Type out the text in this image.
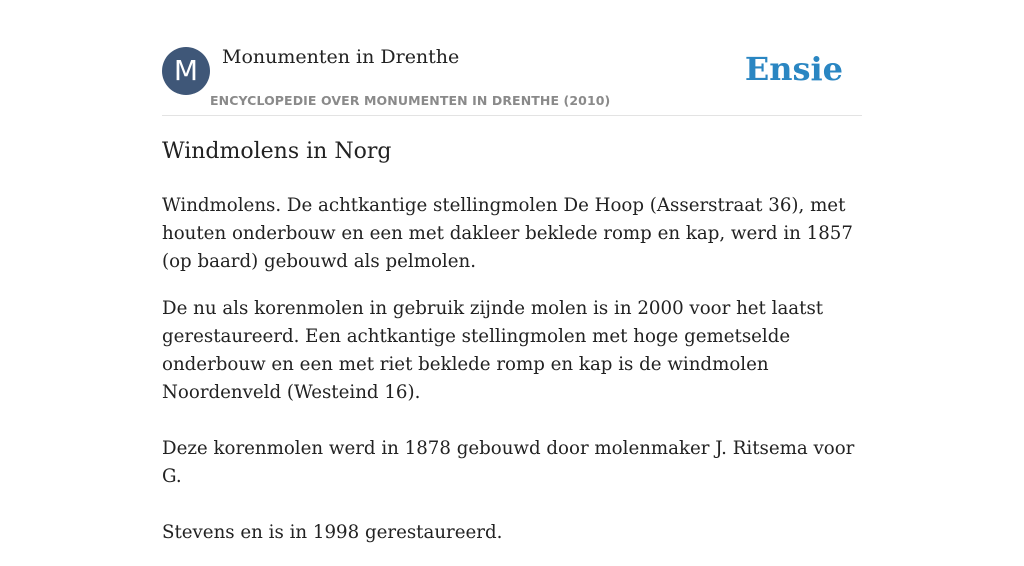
M	Monumenten in Drenthe	Ensie
ENCYCLOPEDIE OVER MONUMENTEN IN DRENTHE (2010)
Windmolens in Norg

Windmolens. De achtkantige stellingmolen De Hoop (Asserstraat 36), met houten onderbouw en een met dakleer beklede romp en kap, werd in 1857 (op baard) gebouwd als pelmolen.

De nu als korenmolen in gebruik zijnde molen is in 2000 voor het laatst gerestaureerd. Een achtkantige stellingmolen met hoge gemetselde onderbouw en een met riet beklede romp en kap is de windmolen Noordenveld (Westeind 16).

Deze korenmolen werd in 1878 gebouwd door molenmaker J. Ritsema voor G.

Stevens en is in 1998 gerestaureerd.
